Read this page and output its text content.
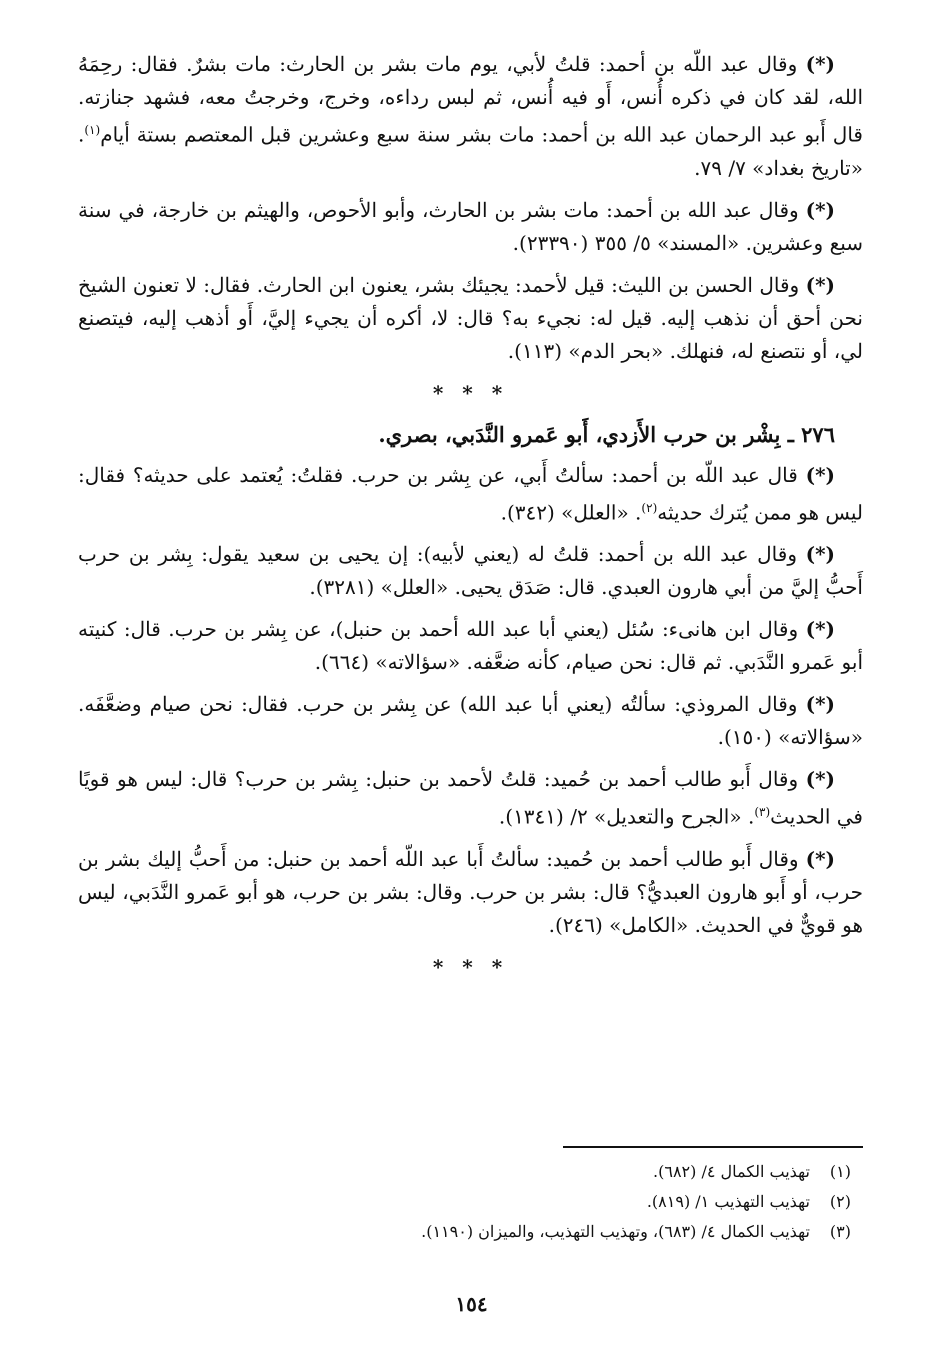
(*) وقال عبد اللّه بن أحمد: قلتُ لأبي، يوم مات بشر بن الحارث: مات بشرٌ. فقال: رحِمَهُ الله، لقد كان في ذكره أُنس، أَو فيه أُنس، ثم لبس رداءه، وخرج، وخرجتُ معه، فشهد جنازته. قال أَبو عبد الرحمان عبد الله بن أحمد: مات بشر سنة سبع وعشرين قبل المعتصم بستة أيام$^{(١)}$. «تاريخ بغداد» ٧/ ٧٩.

(*) وقال عبد الله بن أحمد: مات بشر بن الحارث، وأبو الأحوص، والهيثم بن خارجة، في سنة سبع وعشرين. «المسند» ٥/ ٣٥٥ (٢٣٣٩٠).

(*) وقال الحسن بن الليث: قيل لأحمد: يجيئك بشر، يعنون ابن الحارث. فقال: لا تعنون الشيخ نحن أحق أن نذهب إليه. قيل له: نجيء به؟ قال: لا، أكره أن يجيء إليَّ، أَو أذهب إليه، فيتصنع لي، أو نتصنع له، فنهلك. «بحر الدم» (١١٣).

* * *

٢٧٦ ـ بِشْر بن حرب الأَزدي، أَبو عَمرو النَّدَبي، بصري.

(*) قال عبد اللّه بن أحمد: سألتُ أَبي، عن بِشر بن حرب. فقلتُ: يُعتمد على حديثه؟ فقال: ليس هو ممن يُترك حديثه$^{(٢)}$. «العلل» (٣٤٢).

(*) وقال عبد الله بن أحمد: قلتُ له (يعني لأبيه): إن يحيى بن سعيد يقول: بِشر بن حرب أَحبُّ إليَّ من أبي هارون العبدي. قال: صَدَق يحيى. «العلل» (٣٢٨١).

(*) وقال ابن هانىء: سُئل (يعني أبا عبد الله أحمد بن حنبل)، عن بِشر بن حرب. قال: كنيته أبو عَمرو النَّدَبي. ثم قال: نحن صيام، كأنه ضعَّفه. «سؤالاته» (٦٦٤).

(*) وقال المروذي: سألتُه (يعني أبا عبد الله) عن بِشر بن حرب. فقال: نحن صيام وضعَّفَه. «سؤالاته» (١٥٠).

(*) وقال أَبو طالب أحمد بن حُميد: قلتُ لأحمد بن حنبل: بِشر بن حرب؟ قال: ليس هو قويًا في الحديث$^{(٣)}$. «الجرح والتعديل» ٢/ (١٣٤١).

(*) وقال أَبو طالب أحمد بن حُميد: سألتُ أَبا عبد اللّه أحمد بن حنبل: من أَحبُّ إليك بشر بن حرب، أو أَبو هارون العبديُّ؟ قال: بشر بن حرب. وقال: بشر بن حرب، هو أبو عَمرو النَّدَبي، ليس هو قويٌّ في الحديث. «الكامل» (٢٤٦).

* * *

(١) تهذيب الكمال ٤/ (٦٨٢).

(٢) تهذيب التهذيب ١/ (٨١٩).

(٣) تهذيب الكمال ٤/ (٦٨٣)، وتهذيب التهذيب، والميزان (١١٩٠).

١٥٤
